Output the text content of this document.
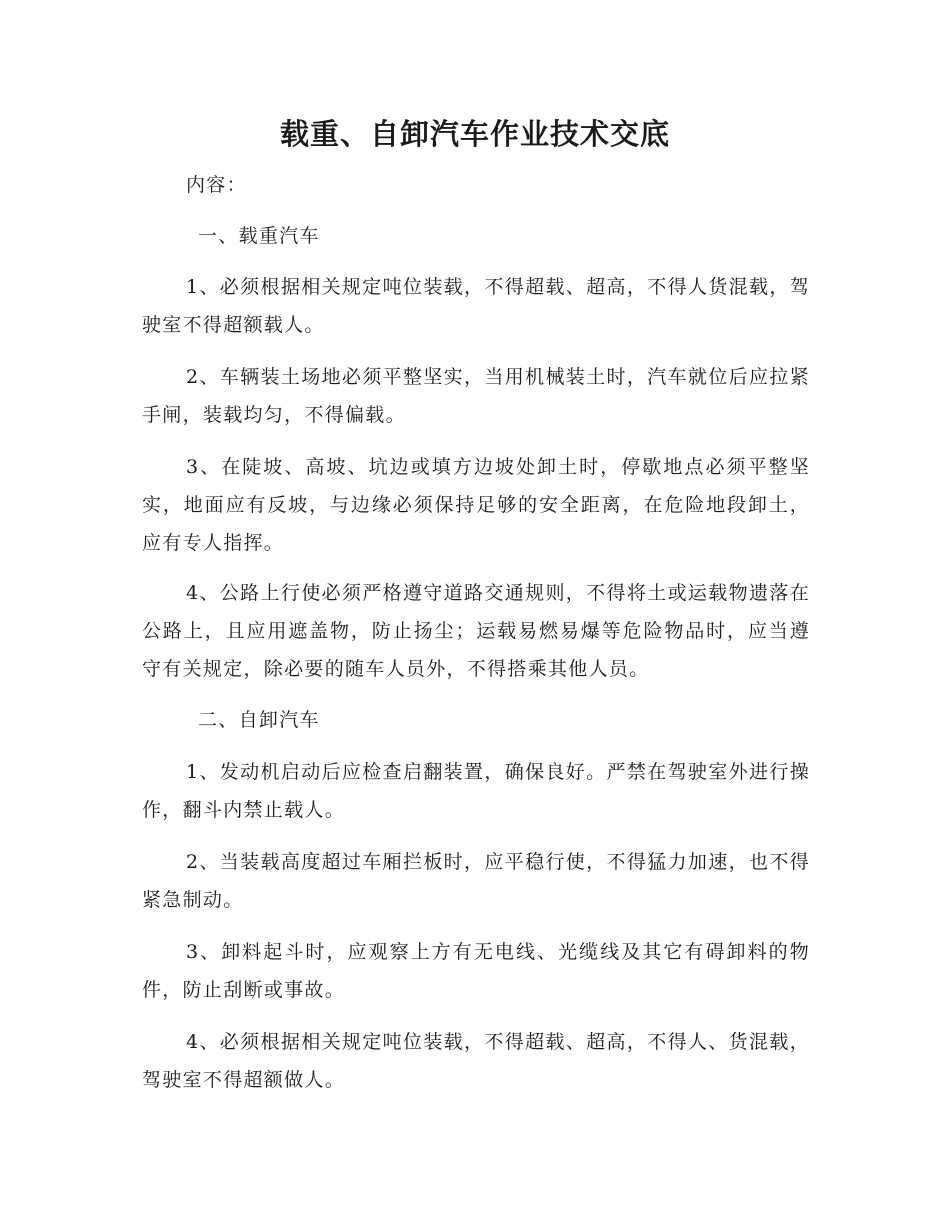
载重、自卸汽车作业技术交底

内容：

一、载重汽车

1、必须根据相关规定吨位装载，不得超载、超高，不得人货混载，驾驶室不得超额载人。

2、车辆装土场地必须平整坚实，当用机械装土时，汽车就位后应拉紧手闸，装载均匀，不得偏载。

3、在陡坡、高坡、坑边或填方边坡处卸土时，停歇地点必须平整坚实，地面应有反坡，与边缘必须保持足够的安全距离，在危险地段卸土，应有专人指挥。

4、公路上行使必须严格遵守道路交通规则，不得将土或运载物遗落在公路上，且应用遮盖物，防止扬尘；运载易燃易爆等危险物品时，应当遵守有关规定，除必要的随车人员外，不得搭乘其他人员。

二、自卸汽车

1、发动机启动后应检查启翻装置，确保良好。严禁在驾驶室外进行操作，翻斗内禁止载人。

2、当装载高度超过车厢拦板时，应平稳行使，不得猛力加速，也不得紧急制动。

3、卸料起斗时，应观察上方有无电线、光缆线及其它有碍卸料的物件，防止刮断或事故。

4、必须根据相关规定吨位装载，不得超载、超高，不得人、货混载，驾驶室不得超额做人。
